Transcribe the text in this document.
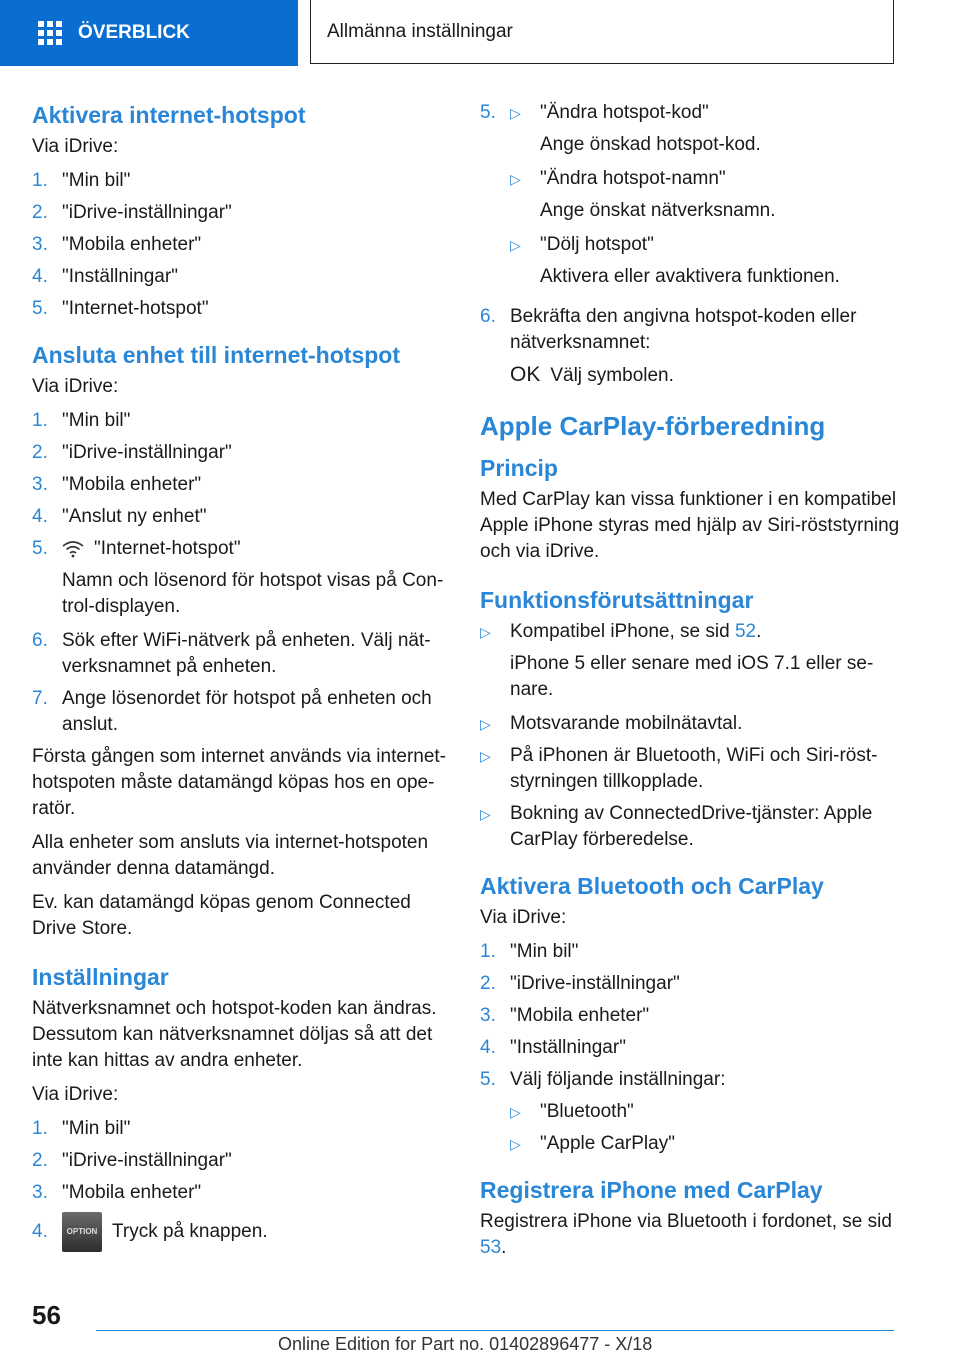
ÖVERBLICK	Allmänna inställningar
Aktivera internet-hotspot
Via iDrive:
1. "Min bil"
2. "iDrive-inställningar"
3. "Mobila enheter"
4. "Inställningar"
5. "Internet-hotspot"
Ansluta enhet till internet-hotspot
Via iDrive:
1. "Min bil"
2. "iDrive-inställningar"
3. "Mobila enheter"
4. "Anslut ny enhet"
5.	"Internet-hotspot"
Namn och lösenord för hotspot visas på Control-displayen.
6. Sök efter WiFi-nätverk på enheten. Välj nätverksnamnet på enheten.
7. Ange lösenordet för hotspot på enheten och anslut.
Första gången som internet används via internet-hotspoten måste datamängd köpas hos en operatör.
Alla enheter som ansluts via internet-hotspoten använder denna datamängd.
Ev. kan datamängd köpas genom Connected Drive Store.
Inställningar
Nätverksnamnet och hotspot-koden kan ändras. Dessutom kan nätverksnamnet döljas så att det inte kan hittas av andra enheter.
Via iDrive:
1. "Min bil"
2. "iDrive-inställningar"
3. "Mobila enheter"
4.	OPTION Tryck på knappen.
5.	▷	"Ändra hotspot-kod"
Ange önskad hotspot-kod.
▷	"Ändra hotspot-namn"
Ange önskat nätverksnamn.
▷	"Dölj hotspot"
Aktivera eller avaktivera funktionen.
6. Bekräfta den angivna hotspot-koden eller nätverksnamnet:
OK Välj symbolen.
Apple CarPlay-förberedning
Princip
Med CarPlay kan vissa funktioner i en kompatibel Apple iPhone styras med hjälp av Siri-röststyrning och via iDrive.
Funktionsförutsättningar
▷	Kompatibel iPhone, se sid 52.
iPhone 5 eller senare med iOS 7.1 eller senare.
▷	Motsvarande mobilnätavtal.
▷	På iPhonen är Bluetooth, WiFi och Siri-röststyrningen tillkopplade.
▷	Bokning av ConnectedDrive-tjänster: Apple CarPlay förberedelse.
Aktivera Bluetooth och CarPlay
Via iDrive:
1. "Min bil"
2. "iDrive-inställningar"
3. "Mobila enheter"
4. "Inställningar"
5. Välj följande inställningar:
▷	"Bluetooth"
▷	"Apple CarPlay"
Registrera iPhone med CarPlay
Registrera iPhone via Bluetooth i fordonet, se sid 53.
56
Online Edition for Part no. 01402896477 - X/18
